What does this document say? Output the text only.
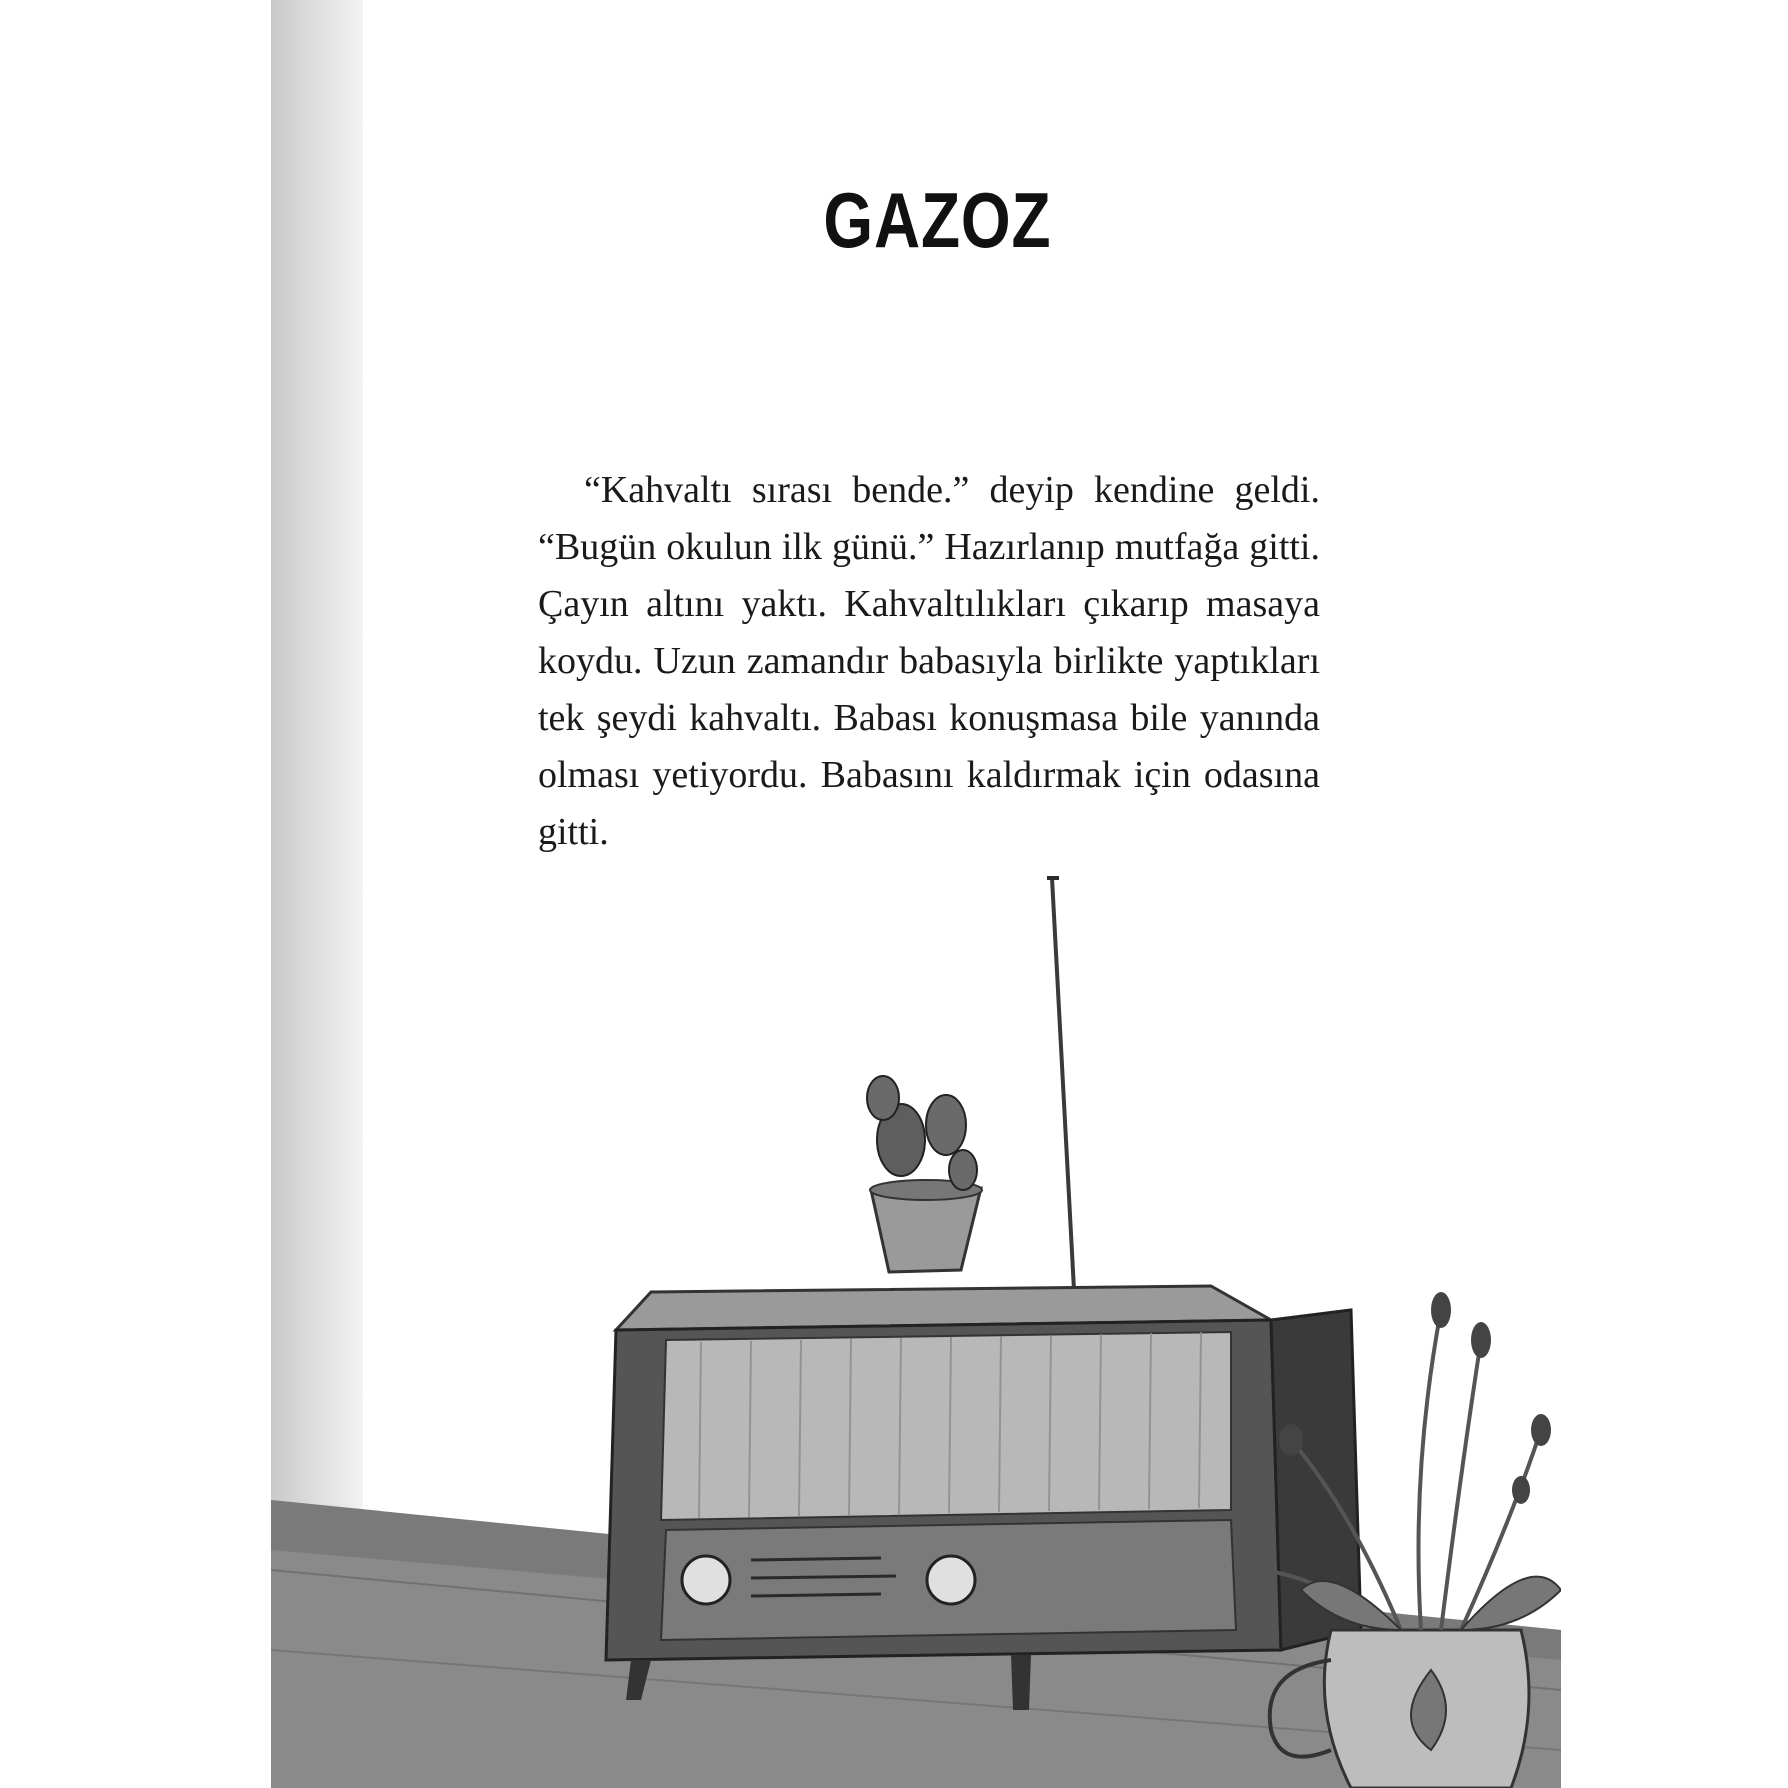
GAZOZ

“Kahvaltı sırası bende.” deyip kendine geldi. “Bugün okulun ilk günü.” Hazırlanıp mutfağa gitti. Çayın altını yaktı. Kahvaltılıkları çıkarıp masaya koydu. Uzun zamandır babasıyla birlikte yaptıkları tek şeydi kahvaltı. Babası konuşmasa bile yanında olması yetiyordu. Babasını kaldırmak için odasına gitti.
